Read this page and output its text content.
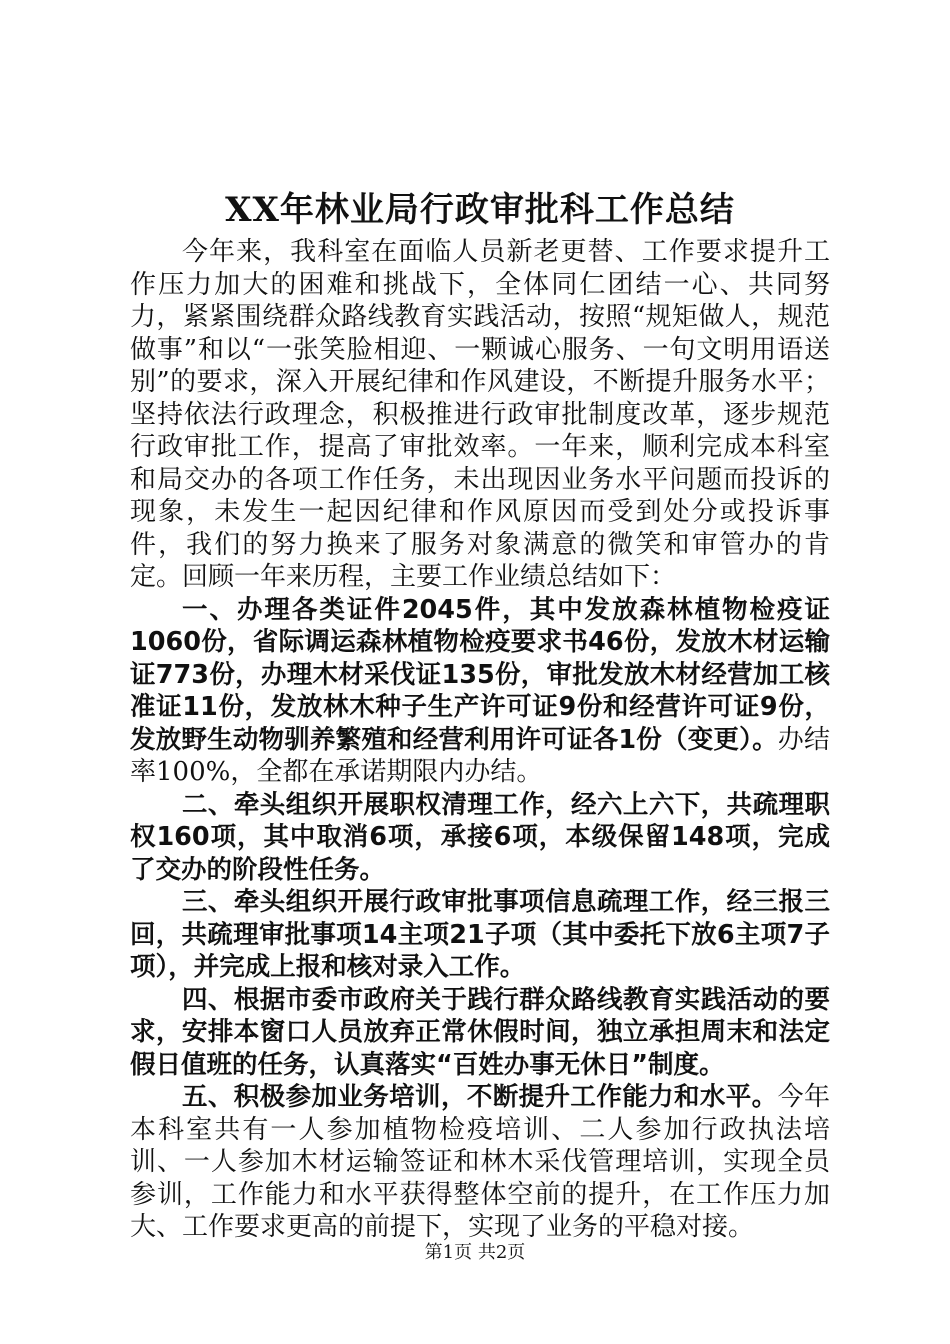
XX年林业局行政审批科工作总结

今年来，我科室在面临人员新老更替、工作要求提升工作压力加大的困难和挑战下，全体同仁团结一心、共同努力，紧紧围绕群众路线教育实践活动，按照“规矩做人，规范做事”和以“一张笑脸相迎、一颗诚心服务、一句文明用语送别”的要求，深入开展纪律和作风建设，不断提升服务水平；坚持依法行政理念，积极推进行政审批制度改革，逐步规范行政审批工作，提高了审批效率。一年来，顺利完成本科室和局交办的各项工作任务，未出现因业务水平问题而投诉的现象，未发生一起因纪律和作风原因而受到处分或投诉事件，我们的努力换来了服务对象满意的微笑和审管办的肯定。回顾一年来历程，主要工作业绩总结如下：

一、办理各类证件2045件，其中发放森林植物检疫证1060份，省际调运森林植物检疫要求书46份，发放木材运输证773份，办理木材采伐证135份，审批发放木材经营加工核准证11份，发放林木种子生产许可证9份和经营许可证9份，发放野生动物驯养繁殖和经营利用许可证各1份（变更）。办结率100%，全都在承诺期限内办结。

二、牵头组织开展职权清理工作，经六上六下，共疏理职权160项，其中取消6项，承接6项，本级保留148项，完成了交办的阶段性任务。

三、牵头组织开展行政审批事项信息疏理工作，经三报三回，共疏理审批事项14主项21子项（其中委托下放6主项7子项），并完成上报和核对录入工作。

四、根据市委市政府关于践行群众路线教育实践活动的要求，安排本窗口人员放弃正常休假时间，独立承担周末和法定假日值班的任务，认真落实“百姓办事无休日”制度。

五、积极参加业务培训，不断提升工作能力和水平。今年本科室共有一人参加植物检疫培训、二人参加行政执法培训、一人参加木材运输签证和林木采伐管理培训，实现全员参训，工作能力和水平获得整体空前的提升，在工作压力加大、工作要求更高的前提下，实现了业务的平稳对接。

第1页 共2页
